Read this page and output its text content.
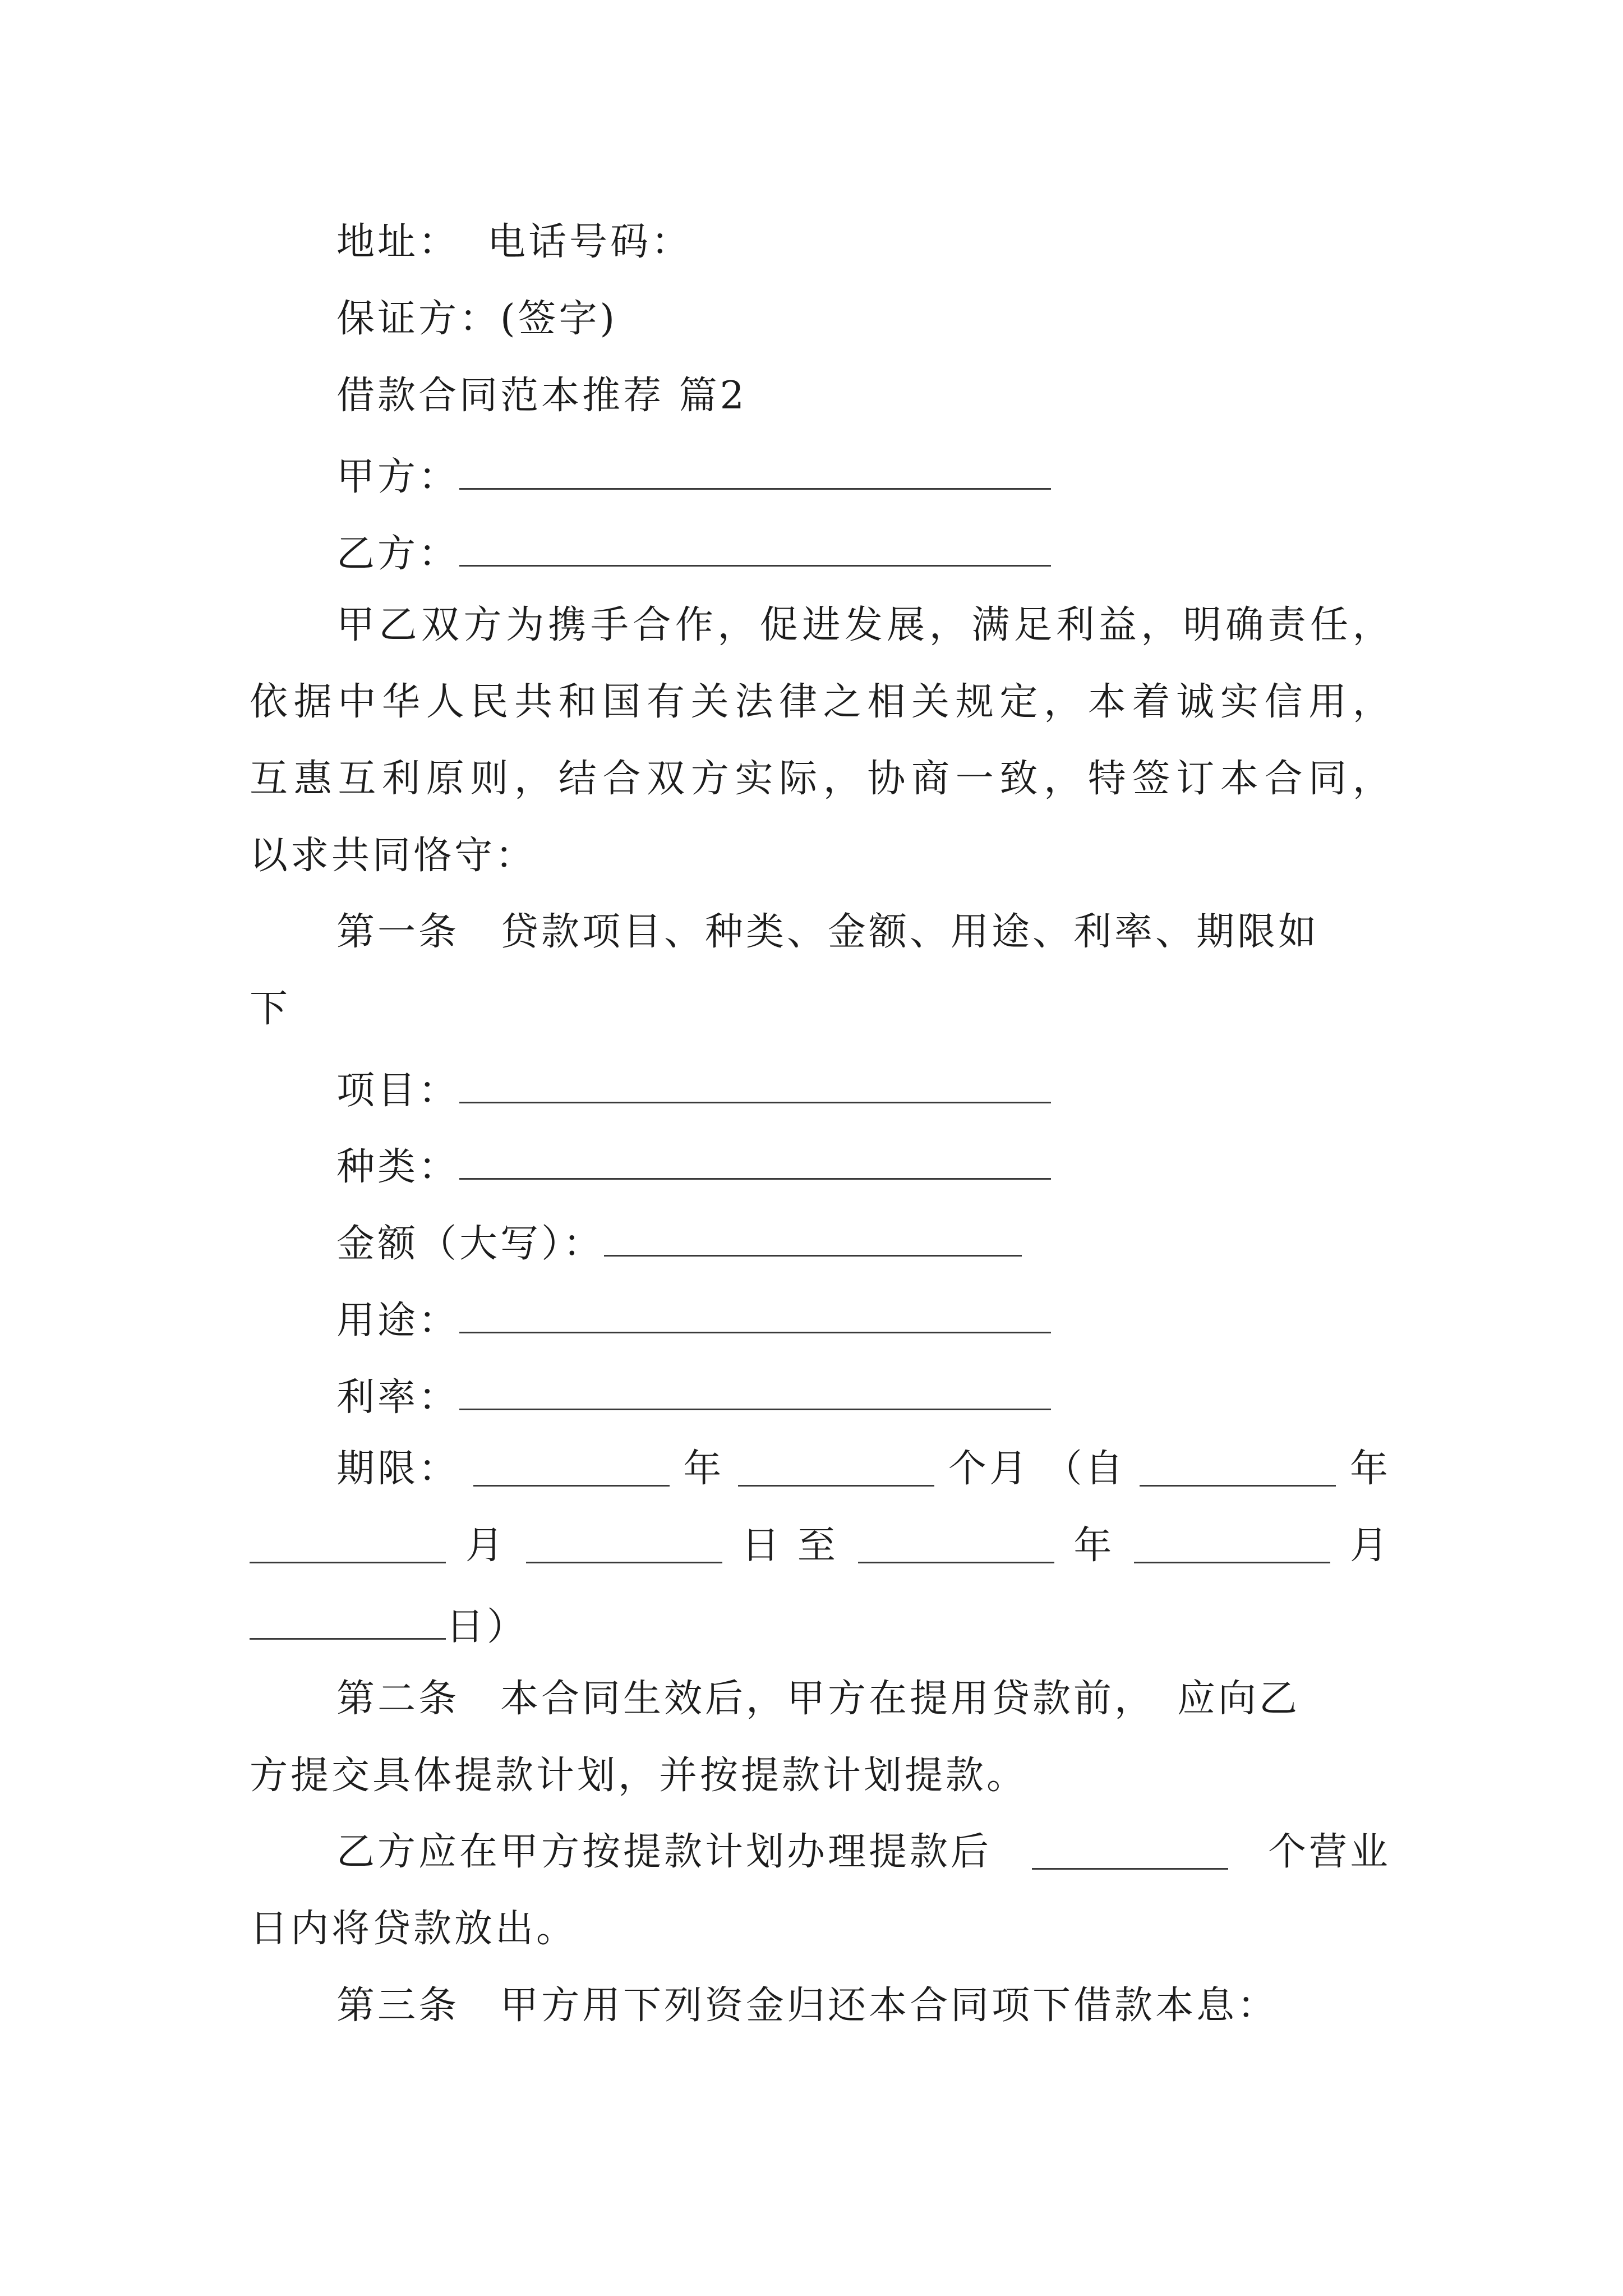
地址： 电话号码：
保证方：(签字)
借款合同范本推荐 篇2
甲方：
乙方：
甲 乙 双 方 为 携 手 合 作 ， 促 进 发 展 ， 满 足 利 益 ， 明 确 责 任 ，
依 据 中 华 人 民 共 和 国 有 关 法 律 之 相 关 规 定 ， 本 着 诚 实 信 用 ，
互 惠 互 利 原 则 ， 结 合 双 方 实 际 ， 协 商 一 致 ， 特 签 订 本 合 同 ，
以求共同恪守：
第一条　贷款项目、种类、金额、用途、利率、期限如
下
项目：
种类：
金额（大写）：
用途：
利率：
期限：	年	个月 （自	年
月	日 至	年	月
日）
第二条　本合同生效后，甲方在提用贷款前，　应向乙
方提交具体提款计划，并按提款计划提款。
乙方应在甲方按提款计划办理提款后	个营业
日内将贷款放出。
第三条　甲方用下列资金归还本合同项下借款本息：
